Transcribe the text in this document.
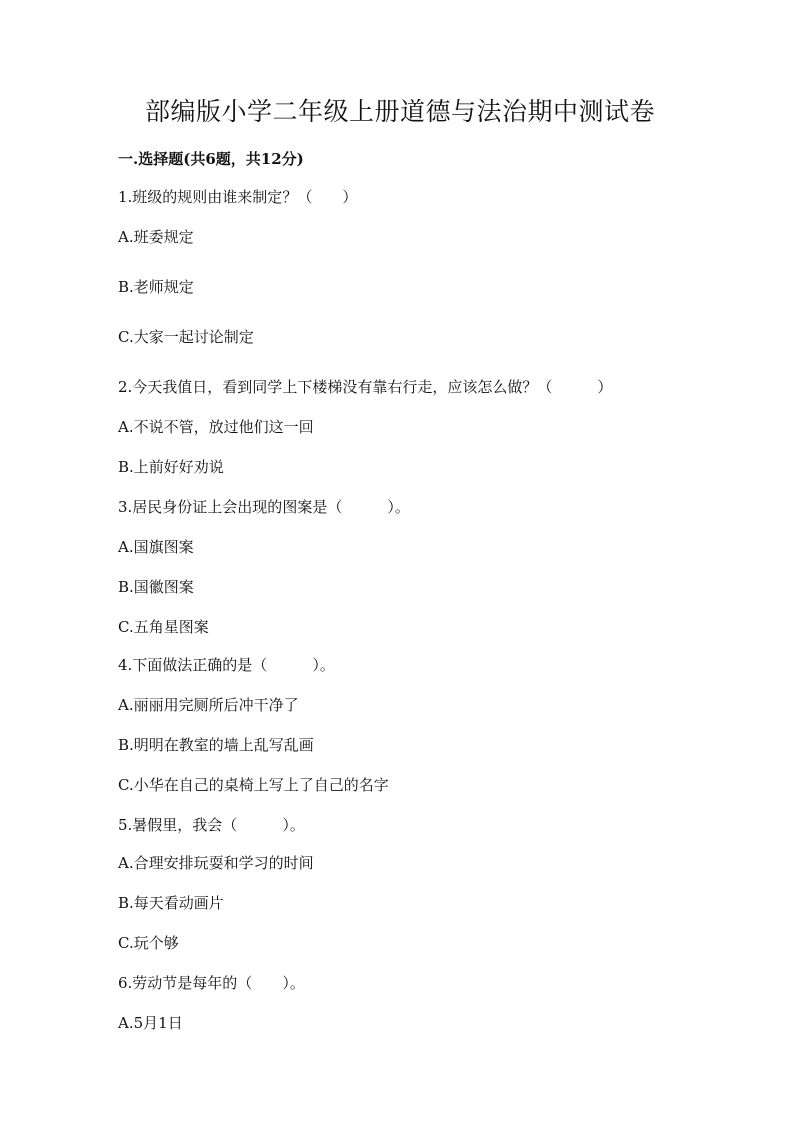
部编版小学二年级上册道德与法治期中测试卷
一.选择题(共6题，共12分)
1.班级的规则由谁来制定？（　　）
A.班委规定
B.老师规定
C.大家一起讨论制定
2.今天我值日，看到同学上下楼梯没有靠右行走，应该怎么做？（　　　）
A.不说不管，放过他们这一回
B.上前好好劝说
3.居民身份证上会出现的图案是（　　　）。
A.国旗图案
B.国徽图案
C.五角星图案
4.下面做法正确的是（　　　）。
A.丽丽用完厕所后冲干净了
B.明明在教室的墙上乱写乱画
C.小华在自己的桌椅上写上了自己的名字
5.暑假里，我会（　　　）。
A.合理安排玩耍和学习的时间
B.每天看动画片
C.玩个够
6.劳动节是每年的（　　）。
A.5月1日
